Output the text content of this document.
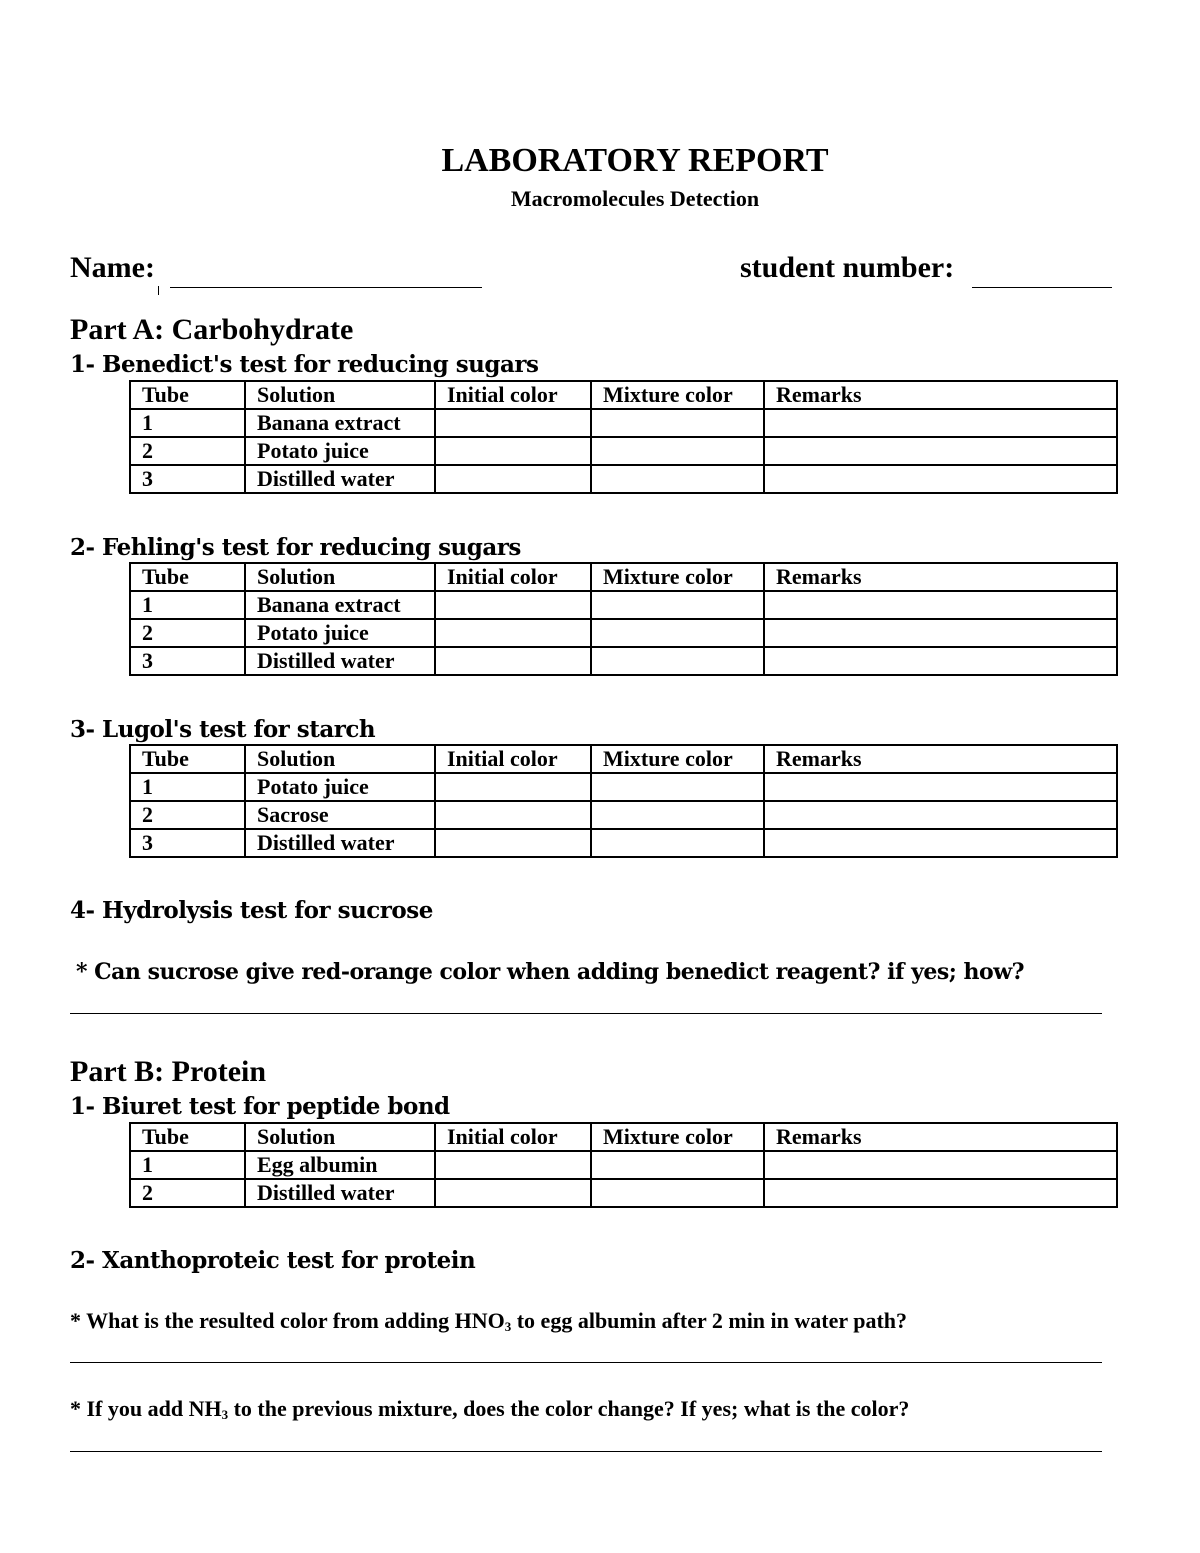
LABORATORY REPORT
Macromolecules Detection
Name:	student number:
Part A: Carbohydrate
1- Benedict's test for reducing sugars
Tube	Solution	Initial color	Mixture color	Remarks
1	Banana extract			
2	Potato juice			
3	Distilled water			
2- Fehling's test for reducing sugars
Tube	Solution	Initial color	Mixture color	Remarks
1	Banana extract			
2	Potato juice			
3	Distilled water			
3- Lugol's test for starch
Tube	Solution	Initial color	Mixture color	Remarks
1	Potato juice			
2	Sacrose			
3	Distilled water			
4- Hydrolysis test for sucrose
* Can sucrose give red-orange color when adding benedict reagent? if yes; how?
Part B: Protein
1- Biuret test for peptide bond
Tube	Solution	Initial color	Mixture color	Remarks
1	Egg albumin			
2	Distilled water			
2- Xanthoproteic test for protein
* What is the resulted color from adding $HNO_3$ to egg albumin after 2 min in water path?
* If you add $NH_3$ to the previous mixture, does the color change? If yes; what is the color?
